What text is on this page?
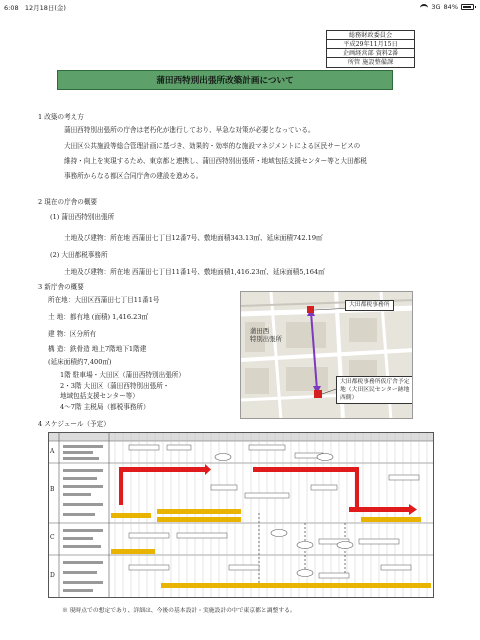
6:08 12月18日(金)	3G 84%
総務財政委員会
平成29年11月15日
企画経営部 資料2番
所管 施設整備課
蒲田西特別出張所改築計画について
1 改築の考え方
蒲田西特別出張所の庁舎は老朽化が進行しており、早急な対策が必要となっている。
大田区公共施設等総合管理計画に基づき、効果的・効率的な施設マネジメントによる区民サービスの
維持・向上を実現するため、東京都と連携し、蒲田西特別出張所・地域包括支援センター等と大田都税
事務所からなる都区合同庁舎の建設を進める。
2 現在の庁舎の概要
(1) 蒲田西特別出張所
土地及び建物：所在地 西蒲田七丁目12番7号、敷地面積343.13㎡、延床面積742.19㎡
(2) 大田都税事務所
土地及び建物：所在地 西蒲田七丁目11番1号、敷地面積1,416.23㎡、延床面積5,164㎡
3 新庁舎の概要
所在地：大田区西蒲田七丁目11番1号
土 地：都有地 (面積) 1,416.23㎡
建 物：区分所有
構 造：鉄骨造 地上7階地下1階建
(延床面積約7,400㎡)
1階 駐車場・大田区（蒲田西特別出張所）
2・3階 大田区（蒲田西特別出張所・
地域包括支援センター等）
4～7階 主税局（都税事務所）
大田都税事務所
蒲田西
特別出張所
大田都税事務所仮庁舎予定
地（大田区民センター跡地
西側）
4 スケジュール（予定）
A
B
C
D
※ 現時点での想定であり、詳細は、今後の基本設計・実施設計の中で東京都と調整する。
